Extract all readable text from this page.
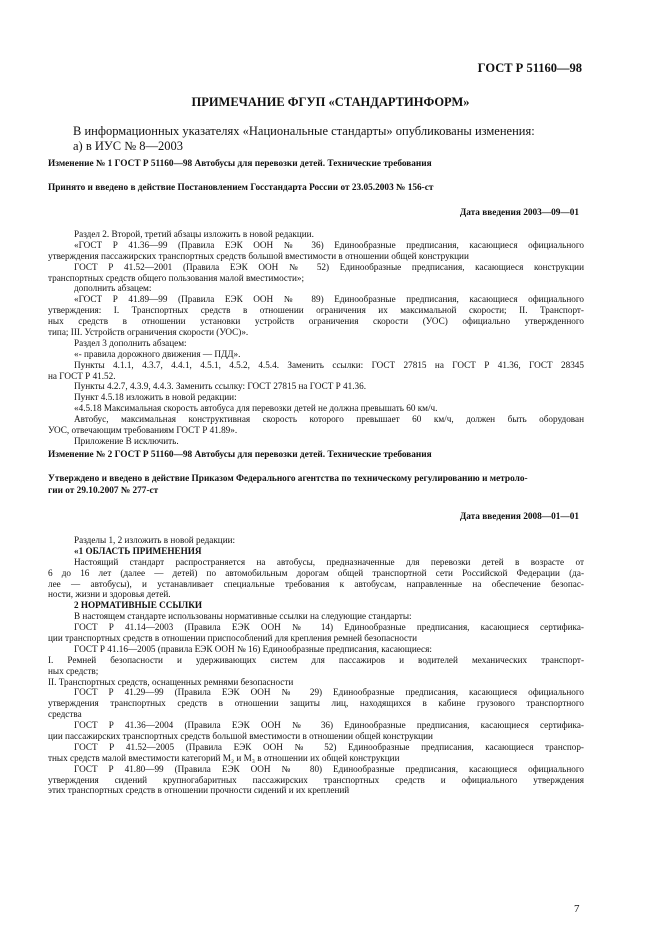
ГОСТ Р 51160—98
ПРИМЕЧАНИЕ ФГУП «СТАНДАРТИНФОРМ»
В информационных указателях «Национальные стандарты» опубликованы изменения:
а) в ИУС № 8—2003
Изменение № 1 ГОСТ Р 51160—98 Автобусы для перевозки детей. Технические требования
Принято и введено в действие Постановлением Госстандарта России от 23.05.2003 № 156-ст
Дата введения 2003—09—01
Раздел 2. Второй, третий абзацы изложить в новой редакции.
«ГОСТ Р 41.36—99 (Правила ЕЭК ООН № 36) Единообразные предписания, касающиеся официального
утверждения пассажирских транспортных средств большой вместимости в отношении общей конструкции
ГОСТ Р 41.52—2001 (Правила ЕЭК ООН № 52) Единообразные предписания, касающиеся конструкции
транспортных средств общего пользования малой вместимости»;
дополнить абзацем:
«ГОСТ Р 41.89—99 (Правила ЕЭК ООН № 89) Единообразные предписания, касающиеся официального
утверждения: I. Транспортных средств в отношении ограничения их максимальной скорости; II. Транспорт-
ных средств в отношении установки устройств ограничения скорости (УОС) официально утвержденного
типа; III. Устройств ограничения скорости (УОС)».
Раздел 3 дополнить абзацем:
«- правила дорожного движения — ПДД».
Пункты 4.1.1, 4.3.7, 4.4.1, 4.5.1, 4.5.2, 4.5.4. Заменить ссылки: ГОСТ 27815 на ГОСТ Р 41.36, ГОСТ 28345
на ГОСТ Р 41.52.
Пункты 4.2.7, 4.3.9, 4.4.3. Заменить ссылку: ГОСТ 27815 на ГОСТ Р 41.36.
Пункт 4.5.18 изложить в новой редакции:
«4.5.18 Максимальная скорость автобуса для перевозки детей не должна превышать 60 км/ч.
Автобус, максимальная конструктивная скорость которого превышает 60 км/ч, должен быть оборудован
УОС, отвечающим требованиям ГОСТ Р 41.89».
Приложение В исключить.
Изменение № 2 ГОСТ Р 51160—98 Автобусы для перевозки детей. Технические требования
Утверждено и введено в действие Приказом Федерального агентства по техническому регулированию и метроло-
гии от 29.10.2007 № 277-ст
Дата введения 2008—01—01
Разделы 1, 2 изложить в новой редакции:
«1 ОБЛАСТЬ ПРИМЕНЕНИЯ
Настоящий стандарт распространяется на автобусы, предназначенные для перевозки детей в возрасте от
6 до 16 лет (далее — детей) по автомобильным дорогам общей транспортной сети Российской Федерации (да-
лее — автобусы), и устанавливает специальные требования к автобусам, направленные на обеспечение безопас-
ности, жизни и здоровья детей.
2 НОРМАТИВНЫЕ ССЫЛКИ
В настоящем стандарте использованы нормативные ссылки на следующие стандарты:
ГОСТ Р 41.14—2003 (Правила ЕЭК ООН № 14) Единообразные предписания, касающиеся сертифика-
ции транспортных средств в отношении приспособлений для крепления ремней безопасности
ГОСТ Р 41.16—2005 (правила ЕЭК ООН № 16) Единообразные предписания, касающиеся:
I. Ремней безопасности и удерживающих систем для пассажиров и водителей механических транспорт-
ных средств;
II. Транспортных средств, оснащенных ремнями безопасности
ГОСТ Р 41.29—99 (Правила ЕЭК ООН № 29) Единообразные предписания, касающиеся официального
утверждения транспортных средств в отношении защиты лиц, находящихся в кабине грузового транспортного
средства
ГОСТ Р 41.36—2004 (Правила ЕЭК ООН № 36) Единообразные предписания, касающиеся сертифика-
ции пассажирских транспортных средств большой вместимости в отношении общей конструкции
ГОСТ Р 41.52—2005 (Правила ЕЭК ООН № 52) Единообразные предписания, касающиеся транспор-
тных средств малой вместимости категорий M₂ и M₃ в отношении их общей конструкции
ГОСТ Р 41.80—99 (Правила ЕЭК ООН № 80) Единообразные предписания, касающиеся официального
утверждения сидений крупногабаритных пассажирских транспортных средств и официального утверждения
этих транспортных средств в отношении прочности сидений и их креплений
7
